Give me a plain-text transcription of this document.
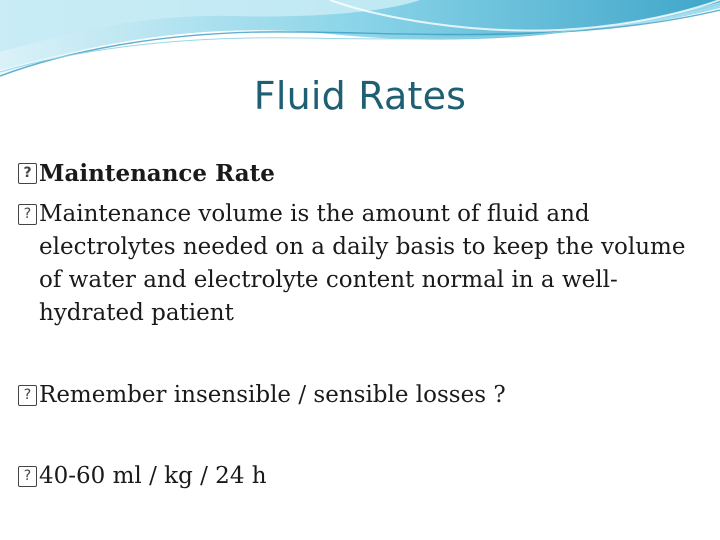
Fluid Rates
?
Maintenance Rate
?
Maintenance volume is the amount of fluid and electrolytes needed on a daily basis to keep the volume of water and electrolyte content normal in a well-hydrated patient
?
Remember insensible / sensible losses ?
?
40-60 ml / kg / 24 h
